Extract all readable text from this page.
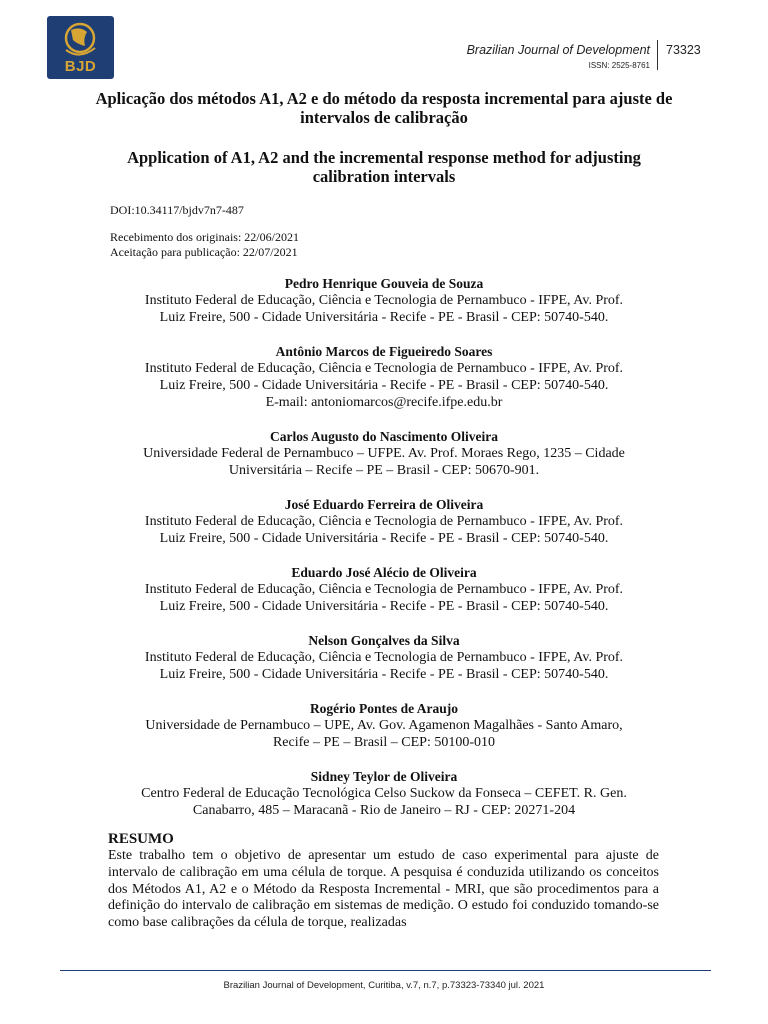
BJD
Brazilian Journal of Development
ISSN: 2525-8761
73323
Aplicação dos métodos A1, A2 e do método da resposta incremental para ajuste de intervalos de calibração
Application of A1, A2 and the incremental response method for adjusting calibration intervals
DOI:10.34117/bjdv7n7-487
Recebimento dos originais: 22/06/2021
Aceitação para publicação: 22/07/2021
Pedro Henrique Gouveia de Souza
Instituto Federal de Educação, Ciência e Tecnologia de Pernambuco - IFPE, Av. Prof.
Luiz Freire, 500 - Cidade Universitária - Recife - PE - Brasil - CEP: 50740-540.
Antônio Marcos de Figueiredo Soares
Instituto Federal de Educação, Ciência e Tecnologia de Pernambuco - IFPE, Av. Prof.
Luiz Freire, 500 - Cidade Universitária - Recife - PE - Brasil - CEP: 50740-540.
E-mail: antoniomarcos@recife.ifpe.edu.br
Carlos Augusto do Nascimento Oliveira
Universidade Federal de Pernambuco – UFPE. Av. Prof. Moraes Rego, 1235 – Cidade
Universitária – Recife – PE – Brasil - CEP: 50670-901.
José Eduardo Ferreira de Oliveira
Instituto Federal de Educação, Ciência e Tecnologia de Pernambuco - IFPE, Av. Prof.
Luiz Freire, 500 - Cidade Universitária - Recife - PE - Brasil - CEP: 50740-540.
Eduardo José Alécio de Oliveira
Instituto Federal de Educação, Ciência e Tecnologia de Pernambuco - IFPE, Av. Prof.
Luiz Freire, 500 - Cidade Universitária - Recife - PE - Brasil - CEP: 50740-540.
Nelson Gonçalves da Silva
Instituto Federal de Educação, Ciência e Tecnologia de Pernambuco - IFPE, Av. Prof.
Luiz Freire, 500 - Cidade Universitária - Recife - PE - Brasil - CEP: 50740-540.
Rogério Pontes de Araujo
Universidade de Pernambuco – UPE, Av. Gov. Agamenon Magalhães - Santo Amaro,
Recife – PE – Brasil – CEP: 50100-010
Sidney Teylor de Oliveira
Centro Federal de Educação Tecnológica Celso Suckow da Fonseca – CEFET. R. Gen.
Canabarro, 485 – Maracanã - Rio de Janeiro – RJ - CEP: 20271-204
RESUMO

Este trabalho tem o objetivo de apresentar um estudo de caso experimental para ajuste de intervalo de calibração em uma célula de torque. A pesquisa é conduzida utilizando os conceitos dos Métodos A1, A2 e o Método da Resposta Incremental - MRI, que são procedimentos para a definição do intervalo de calibração em sistemas de medição. O estudo foi conduzido tomando-se como base calibrações da célula de torque, realizadas

Brazilian Journal of Development, Curitiba, v.7, n.7, p.73323-73340 jul. 2021
